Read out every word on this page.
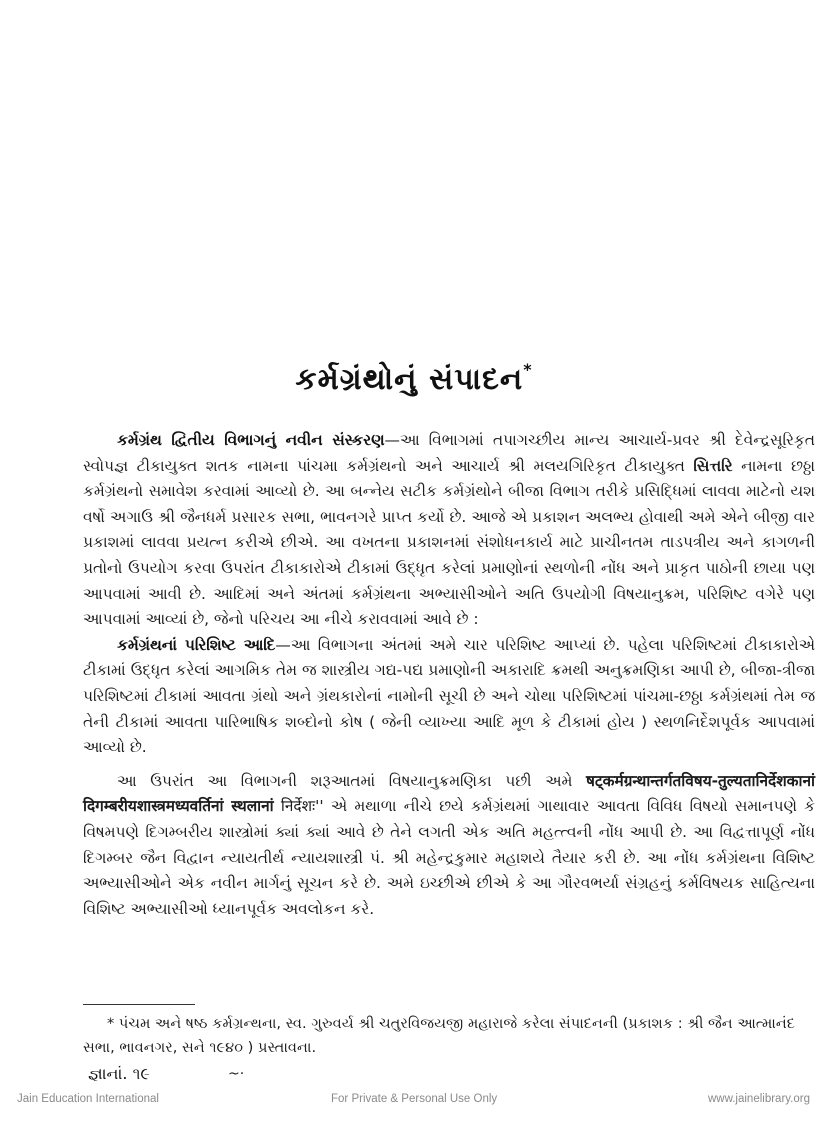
કર્મગ્રંથોનું સંપાદન*

કર્મગ્રંથ દ્વિતીય વિભાગનું નવીન સંસ્કરણ—આ વિભાગમાં તપાગચ્છીય માન્ય આચાર્ય-પ્રવર શ્રી દેવેન્દ્રસૂરિકૃત સ્વોપજ્ઞ ટીકાયુક્ત શતક નામના પાંચમા કર્મગ્રંથનો અને આચાર્ય શ્રી મલયગિરિકૃત ટીકાયુક્ત સિત્તરિ નામના છઠ્ઠા કર્મગ્રંથનો સમાવેશ કરવામાં આવ્યો છે. આ બન્નેય સટીક કર્મગ્રંથોને બીજા વિભાગ તરીકે પ્રસિદ્ધિમાં લાવવા માટેનો યશ વર્ષો અગાઉ શ્રી જૈનધર્મ પ્રસારક સભા, ભાવનગરે પ્રાપ્ત કર્યો છે. આજે એ પ્રકાશન અલભ્ય હોવાથી અમે એને બીજી વાર પ્રકાશમાં લાવવા પ્રયત્ન કરીએ છીએ. આ વખતના પ્રકાશનમાં સંશોધનકાર્ય માટે પ્રાચીનતમ તાડપત્રીય અને કાગળની પ્રતોનો ઉપયોગ કરવા ઉપરાંત ટીકાકારોએ ટીકામાં ઉદ્ધૃત કરેલાં પ્રમાણોનાં સ્થળોની નોંધ અને પ્રાકૃત પાઠોની છાયા પણ આપવામાં આવી છે. આદિમાં અને અંતમાં કર્મગ્રંથના અભ્યાસીઓને અતિ ઉપયોગી વિષયાનુક્રમ, પરિશિષ્ટ વગેરે પણ આપવામાં આવ્યાં છે, જેનો પરિચય આ નીચે કરાવવામાં આવે છે :

કર્મગ્રંથનાં પરિશિષ્ટ આદિ—આ વિભાગના અંતમાં અમે ચાર પરિશિષ્ટ આપ્યાં છે. પહેલા પરિશિષ્ટમાં ટીકાકારોએ ટીકામાં ઉદ્ધૃત કરેલાં આગમિક તેમ જ શાસ્ત્રીય ગદ્ય-પદ્ય પ્રમાણોની અકારાદિ ક્રમથી અનુક્રમણિકા આપી છે, બીજા-ત્રીજા પરિશિષ્ટમાં ટીકામાં આવતા ગ્રંથો અને ગ્રંથકારોનાં નામોની સૂચી છે અને ચોથા પરિશિષ્ટમાં પાંચમા-છઠ્ઠા કર્મગ્રંથમાં તેમ જ તેની ટીકામાં આવતા પારિભાષિક શબ્દોનો કોષ ( જેની વ્યાખ્યા આદિ મૂળ કે ટીકામાં હોય ) સ્થળનિર્દેશપૂર્વક આપવામાં આવ્યો છે.

આ ઉપરાંત આ વિભાગની શરૂઆતમાં વિષયાનુક્રમણિકા પછી અમે षट्कर्मग्रन्थान्तर्गतविषय-तुल्यतानिर्देशकानां दिगम्बरीयशास्त्रमध्यवर्तिनां स्थलानां निर्देशः'' એ મથાળા નીચે છયે કર્મગ્રંથમાં ગાથાવાર આવતા વિવિધ વિષયો સમાનપણે કે વિષમપણે દિગમ્બરીય શાસ્ત્રોમાં ક્યાં ક્યાં આવે છે તેને લગતી એક અતિ મહત્ત્વની નોંધ આપી છે. આ વિદ્વત્તાપૂર્ણ નોંધ દિગમ્બર જૈન વિદ્વાન ન્યાયતીર્થ ન્યાયશાસ્ત્રી પં. શ્રી મહેન્દ્રકુમાર મહાશયે તૈયાર કરી છે. આ નોંધ કર્મગ્રંથના વિશિષ્ટ અભ્યાસીઓને એક નવીન માર્ગનું સૂચન કરે છે. અમે ઇચ્છીએ છીએ કે આ ગૌરવભર્યા સંગ્રહનું કર્મવિષયક સાહિત્યના વિશિષ્ટ અભ્યાસીઓ ધ્યાનપૂર્વક અવલોકન કરે.

* પંચમ અને ષષ્ઠ કર્મગ્રન્થના, સ્વ. ગુરુવર્ય શ્રી ચતુરવિજયજી મહારાજે કરેલા સંપાદનની (પ્રકાશક : શ્રી જૈન આત્માનંદ સભા, ભાવનગર, સને ૧૯૪૦ ) પ્રસ્તાવના.

જ્ઞાનાં. ૧૯	~·
Jain Education International	For Private & Personal Use Only	www.jainelibrary.org
